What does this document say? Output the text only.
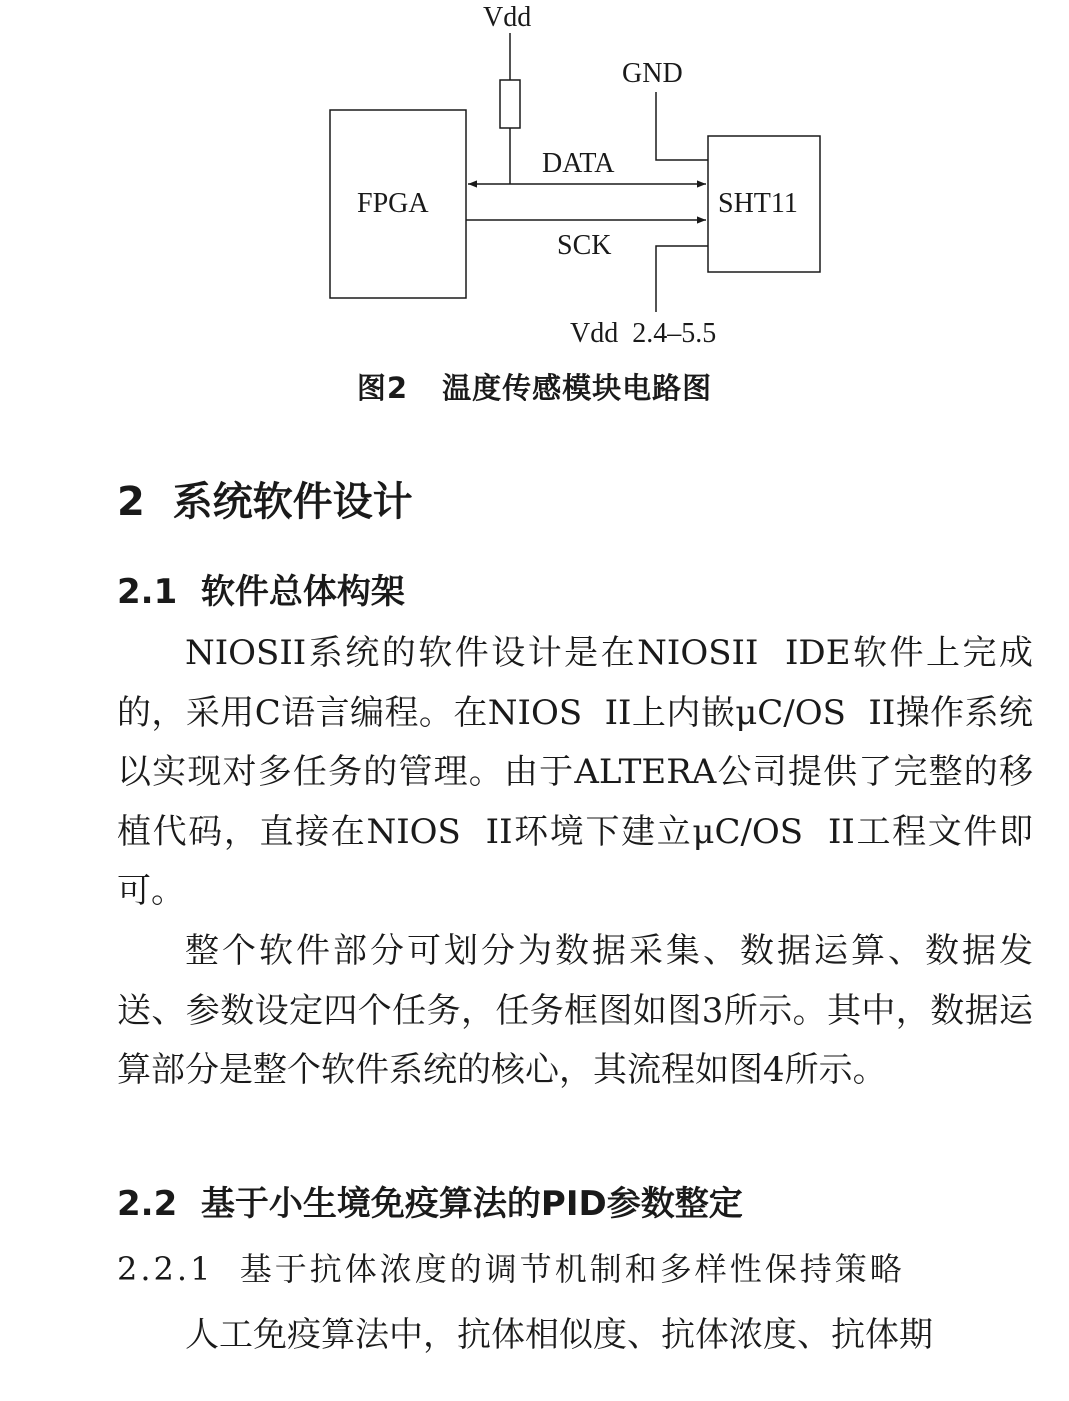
Vdd
GND
DATA
FPGA	SHT11
SCK
Vdd  2.4–5.5
图2 温度传感模块电路图
2  系统软件设计
2.1  软件总体构架

NIOSII系统的软件设计是在NIOSII  IDE软件上完成的，采用C语言编程。在NIOS  II上内嵌μC/OS  II操作系统以实现对多任务的管理。由于ALTERA公司提供了完整的移植代码，直接在NIOS  II环境下建立μC/OS  II工程文件即可。

整个软件部分可划分为数据采集、数据运算、数据发送、参数设定四个任务，任务框图如图3所示。其中，数据运算部分是整个软件系统的核心，其流程如图4所示。

2.2  基于小生境免疫算法的PID参数整定
2.2.1  基于抗体浓度的调节机制和多样性保持策略

人工免疫算法中，抗体相似度、抗体浓度、抗体期
